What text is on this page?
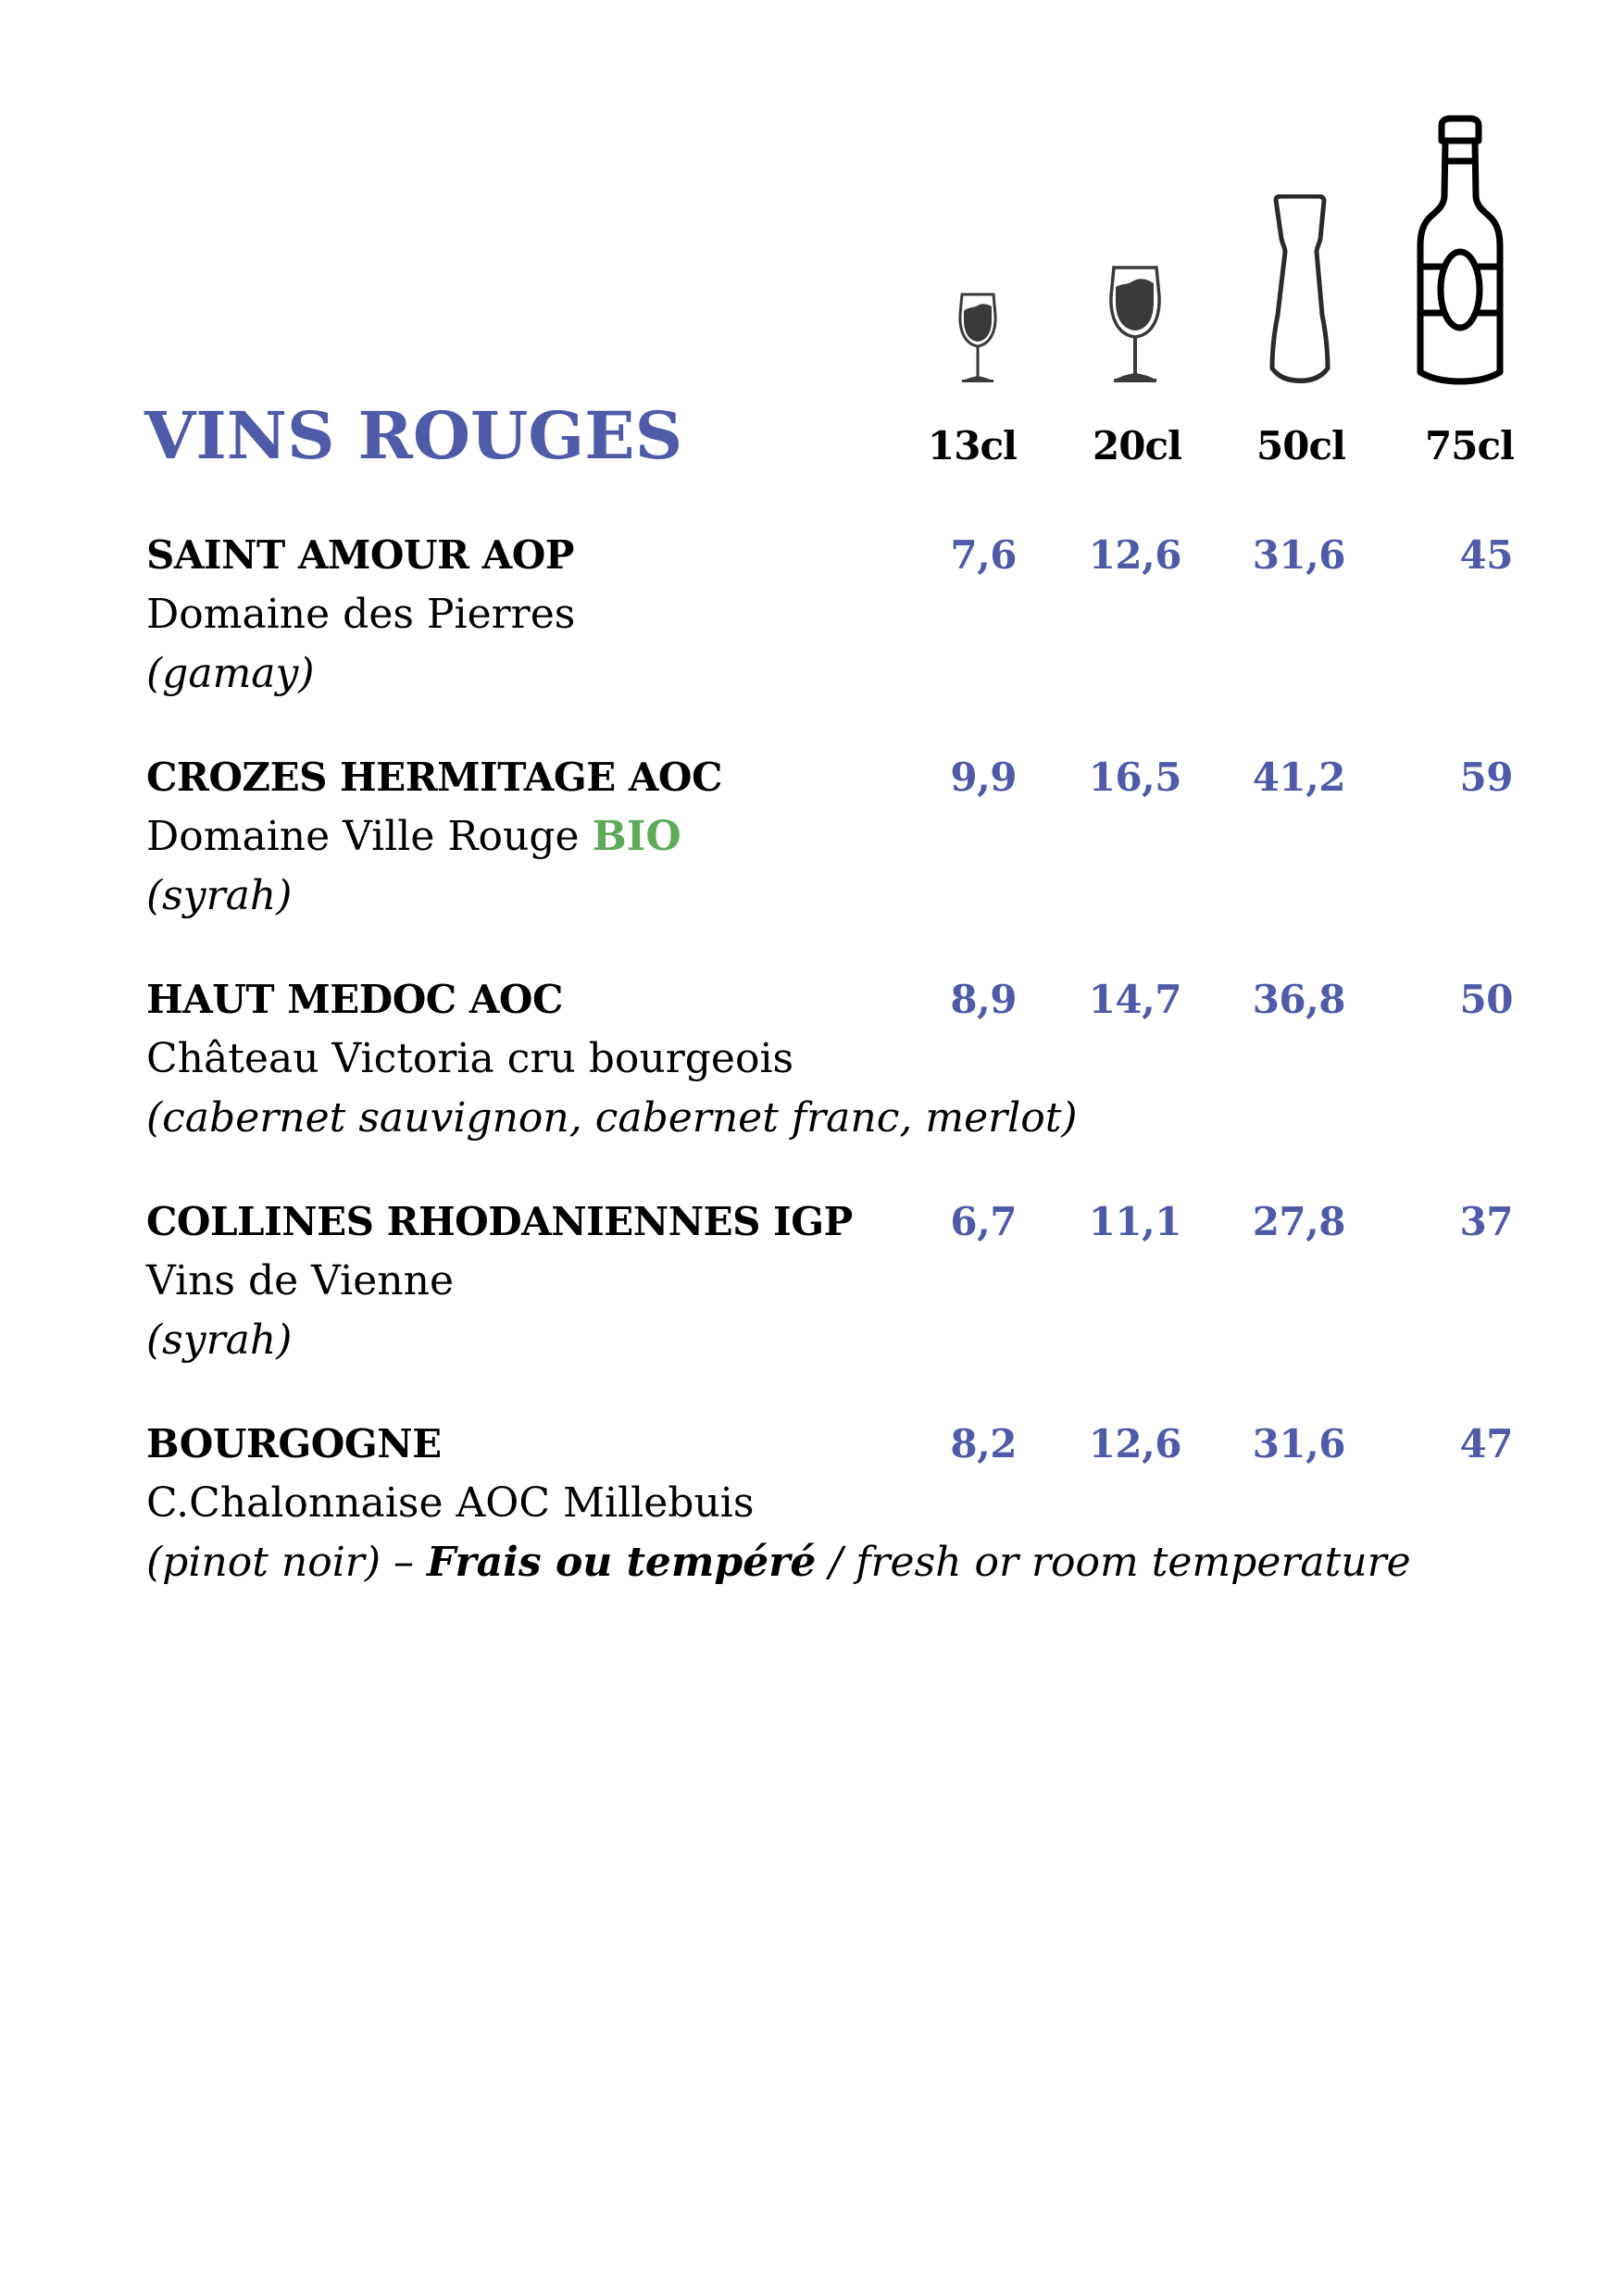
VINS ROUGES	13cl	20cl	50cl	75cl
SAINT AMOUR AOP	7,6	12,6	31,6	45
Domaine des Pierres
(gamay)
CROZES HERMITAGE AOC	9,9	16,5	41,2	59
Domaine Ville Rouge BIO
(syrah)
HAUT MEDOC AOC	8,9	14,7	36,8	50
Château Victoria cru bourgeois
(cabernet sauvignon, cabernet franc, merlot)
COLLINES RHODANIENNES IGP	6,7	11,1	27,8	37
Vins de Vienne
(syrah)
BOURGOGNE	8,2	12,6	31,6	47
C.Chalonnaise AOC Millebuis
(pinot noir) – Frais ou tempéré / fresh or room temperature
